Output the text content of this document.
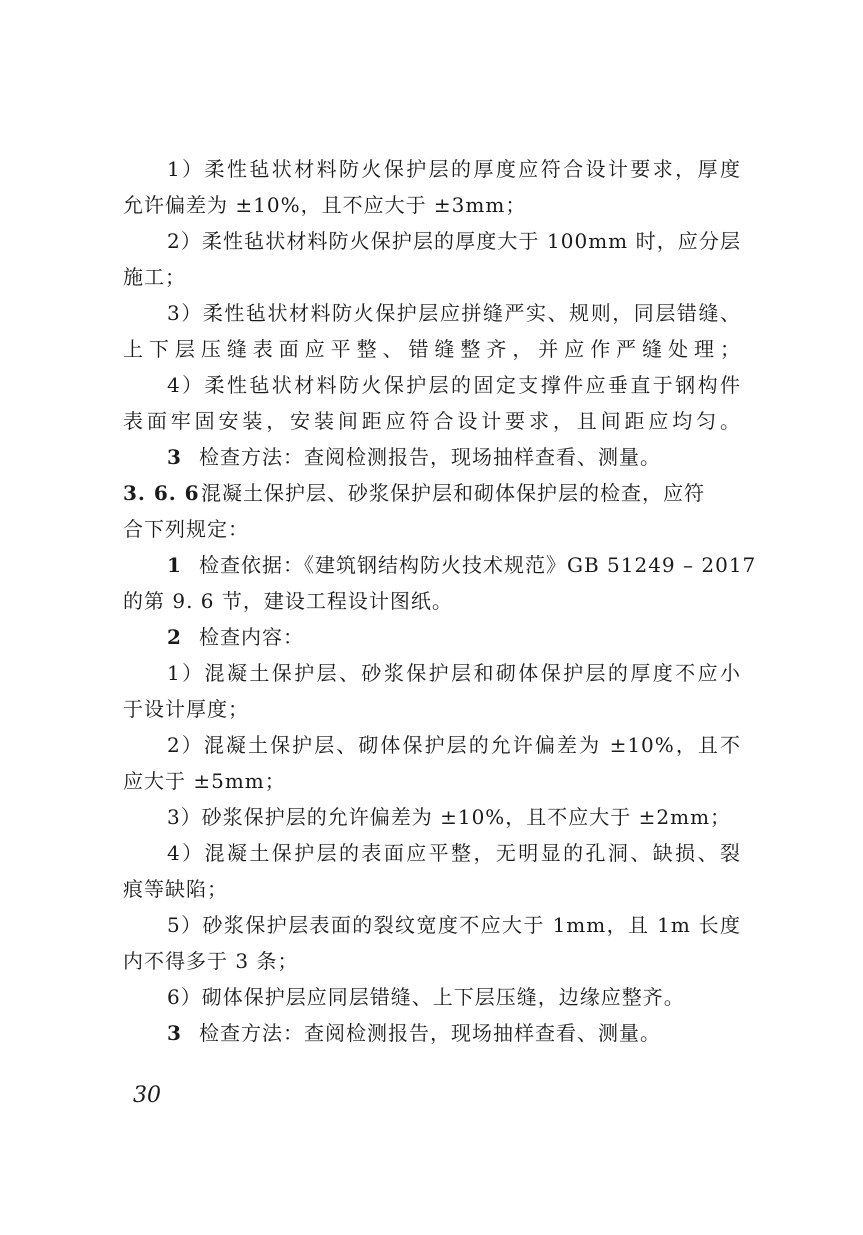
1）柔性毡状材料防火保护层的厚度应符合设计要求，厚度
允许偏差为 ±10%，且不应大于 ±3mm；
2）柔性毡状材料防火保护层的厚度大于 100mm 时，应分层
施工；
3）柔性毡状材料防火保护层应拼缝严实、规则，同层错缝、
上下层压缝表面应平整、错缝整齐，并应作严缝处理；
4）柔性毡状材料防火保护层的固定支撑件应垂直于钢构件
表面牢固安装，安装间距应符合设计要求，且间距应均匀。
3 检查方法：查阅检测报告，现场抽样查看、测量。
3. 6. 6混凝土保护层、砂浆保护层和砌体保护层的检查，应符
合下列规定：
1 检查依据：《建筑钢结构防火技术规范》GB 51249 – 2017
的第 9. 6 节，建设工程设计图纸。
2 检查内容：
1）混凝土保护层、砂浆保护层和砌体保护层的厚度不应小
于设计厚度；
2）混凝土保护层、砌体保护层的允许偏差为 ±10%，且不
应大于 ±5mm；
3）砂浆保护层的允许偏差为 ±10%，且不应大于 ±2mm；
4）混凝土保护层的表面应平整，无明显的孔洞、缺损、裂
痕等缺陷；
5）砂浆保护层表面的裂纹宽度不应大于 1mm，且 1m 长度
内不得多于 3 条；
6）砌体保护层应同层错缝、上下层压缝，边缘应整齐。
3 检查方法：查阅检测报告，现场抽样查看、测量。
30
